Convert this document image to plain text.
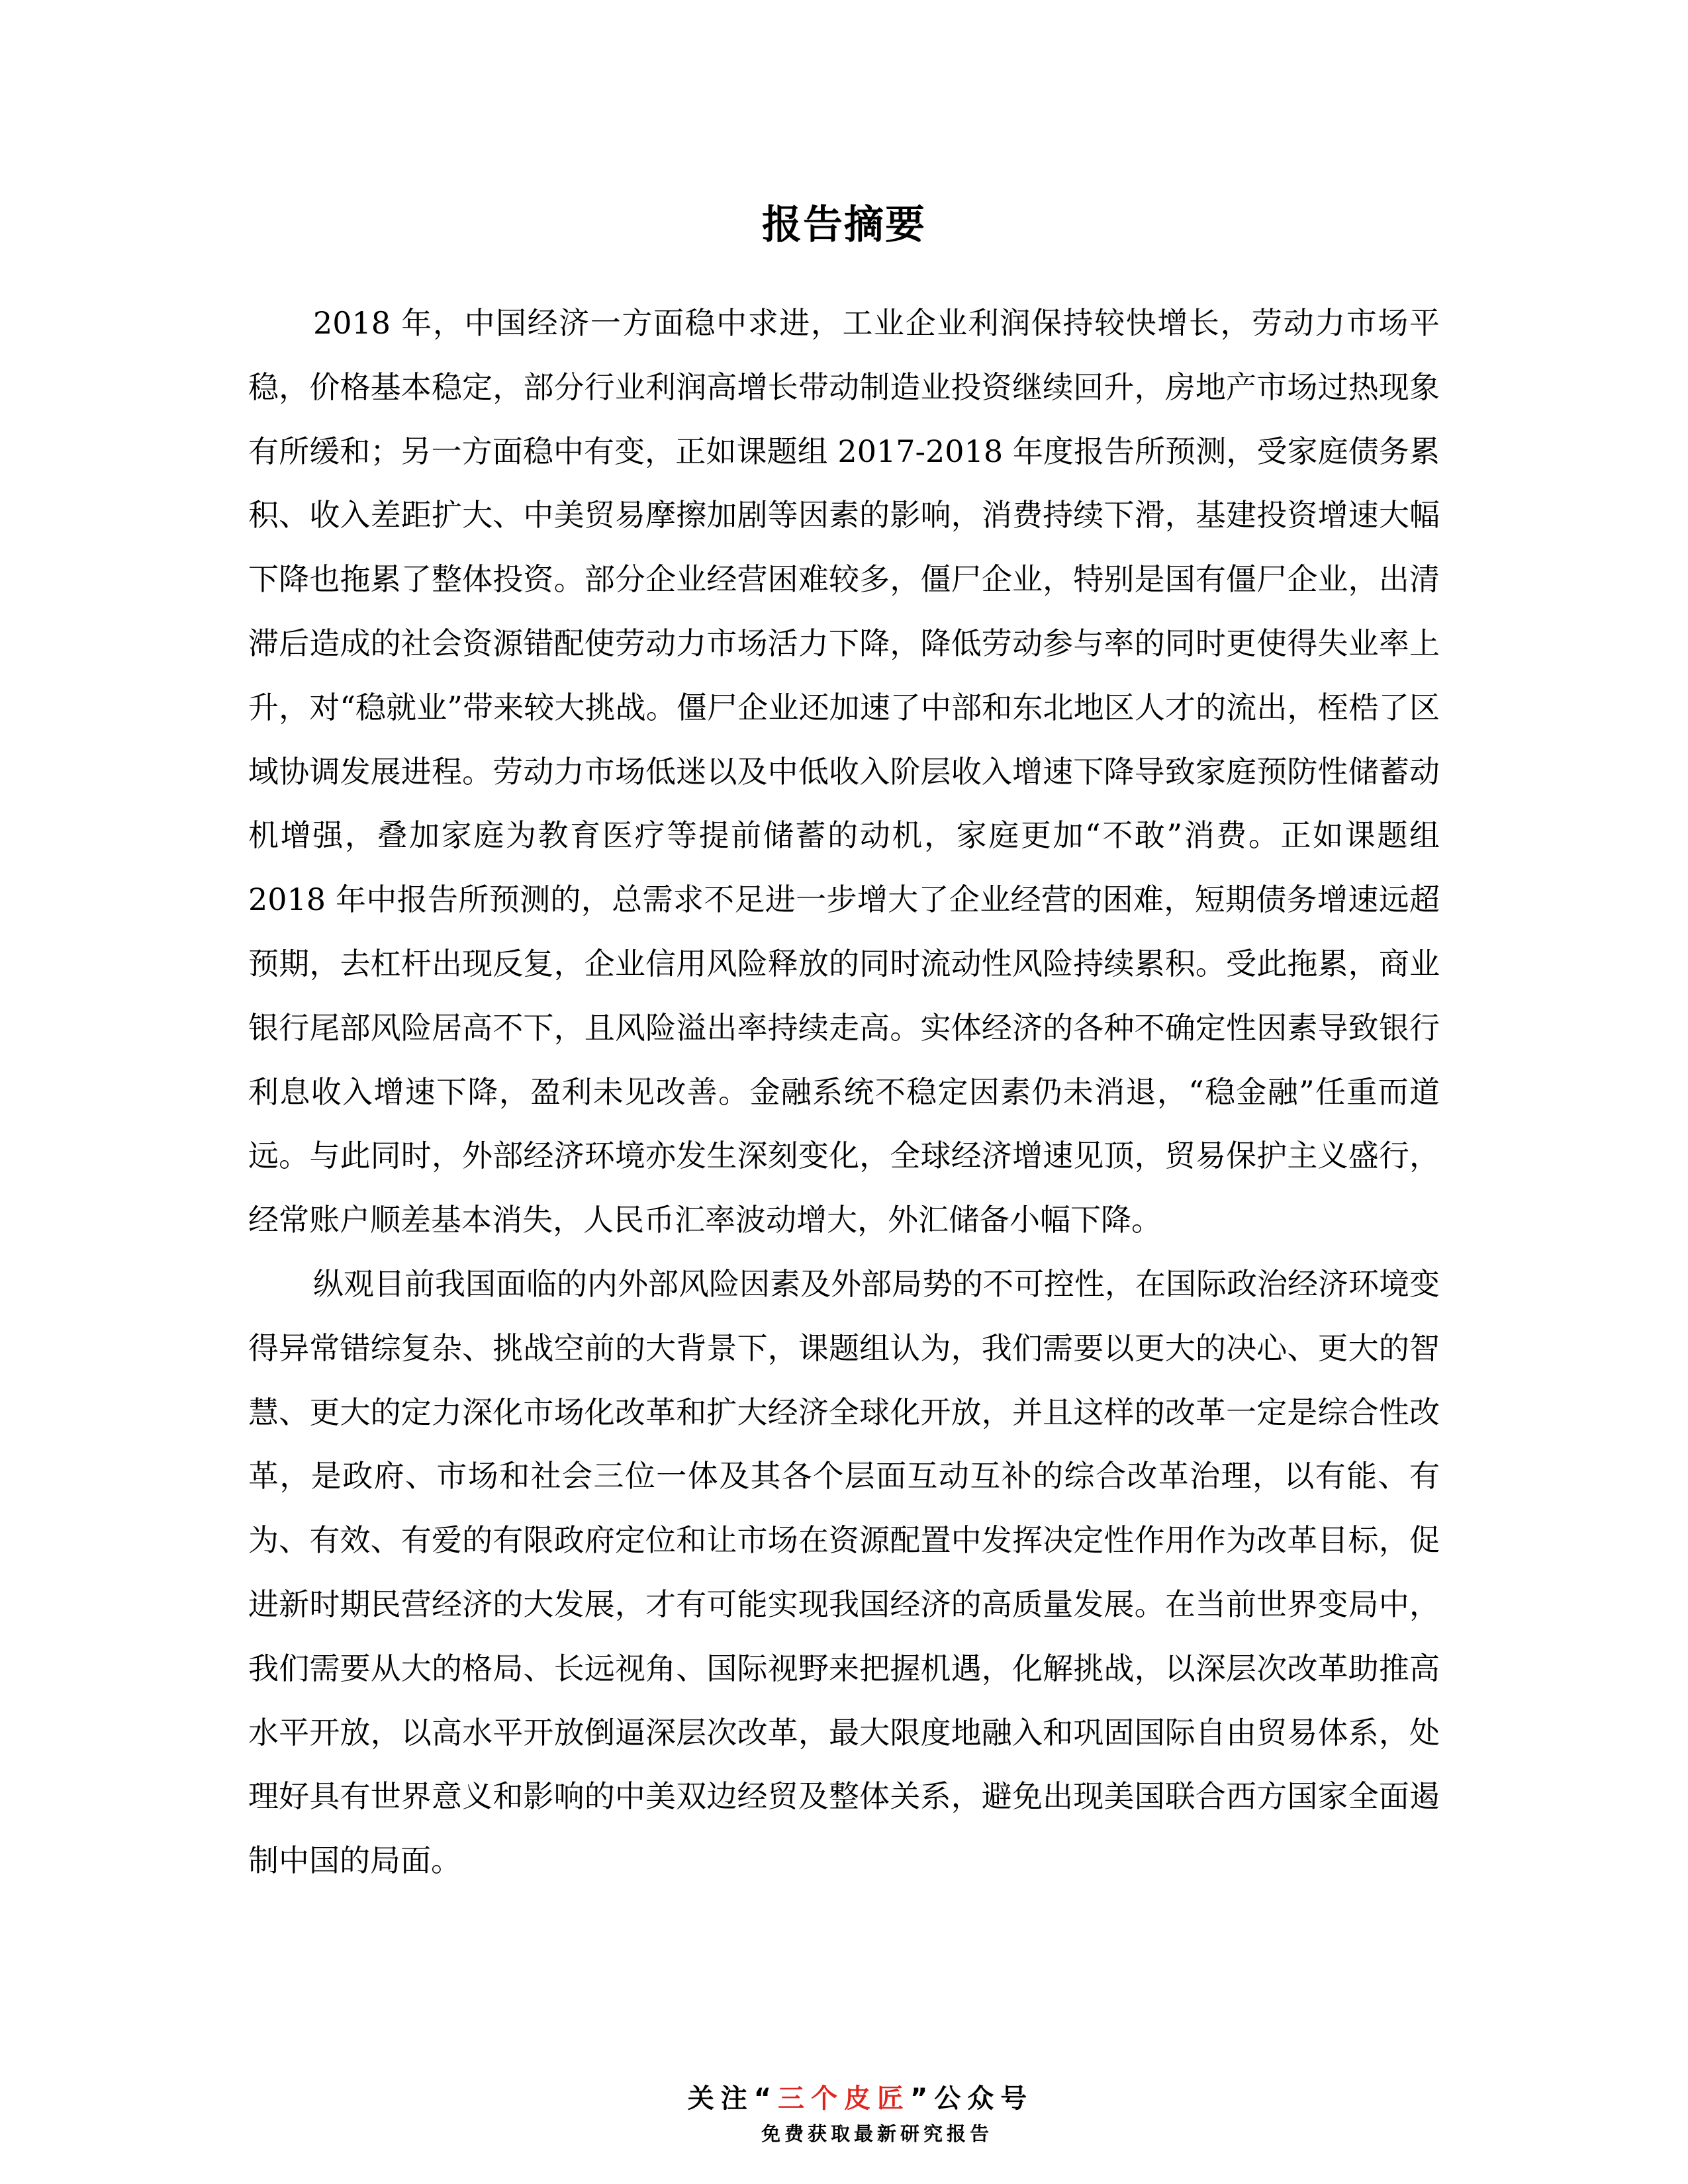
报告摘要

2018 年，中国经济一方面稳中求进，工业企业利润保持较快增长，劳动力市场平稳，价格基本稳定，部分行业利润高增长带动制造业投资继续回升，房地产市场过热现象有所缓和；另一方面稳中有变，正如课题组 2017-2018 年度报告所预测，受家庭债务累积、收入差距扩大、中美贸易摩擦加剧等因素的影响，消费持续下滑，基建投资增速大幅下降也拖累了整体投资。部分企业经营困难较多，僵尸企业，特别是国有僵尸企业，出清滞后造成的社会资源错配使劳动力市场活力下降，降低劳动参与率的同时更使得失业率上升，对“稳就业”带来较大挑战。僵尸企业还加速了中部和东北地区人才的流出，桎梏了区域协调发展进程。劳动力市场低迷以及中低收入阶层收入增速下降导致家庭预防性储蓄动机增强，叠加家庭为教育医疗等提前储蓄的动机，家庭更加“不敢”消费。正如课题组 2018 年中报告所预测的，总需求不足进一步增大了企业经营的困难，短期债务增速远超预期，去杠杆出现反复，企业信用风险释放的同时流动性风险持续累积。受此拖累，商业银行尾部风险居高不下，且风险溢出率持续走高。实体经济的各种不确定性因素导致银行利息收入增速下降，盈利未见改善。金融系统不稳定因素仍未消退，“稳金融”任重而道远。与此同时，外部经济环境亦发生深刻变化，全球经济增速见顶，贸易保护主义盛行，经常账户顺差基本消失，人民币汇率波动增大，外汇储备小幅下降。

纵观目前我国面临的内外部风险因素及外部局势的不可控性，在国际政治经济环境变得异常错综复杂、挑战空前的大背景下，课题组认为，我们需要以更大的决心、更大的智慧、更大的定力深化市场化改革和扩大经济全球化开放，并且这样的改革一定是综合性改革，是政府、市场和社会三位一体及其各个层面互动互补的综合改革治理，以有能、有为、有效、有爱的有限政府定位和让市场在资源配置中发挥决定性作用作为改革目标，促进新时期民营经济的大发展，才有可能实现我国经济的高质量发展。在当前世界变局中，我们需要从大的格局、长远视角、国际视野来把握机遇，化解挑战，以深层次改革助推高水平开放，以高水平开放倒逼深层次改革，最大限度地融入和巩固国际自由贸易体系，处理好具有世界意义和影响的中美双边经贸及整体关系，避免出现美国联合西方国家全面遏制中国的局面。

关注“三个皮匠”公众号
免费获取最新研究报告
